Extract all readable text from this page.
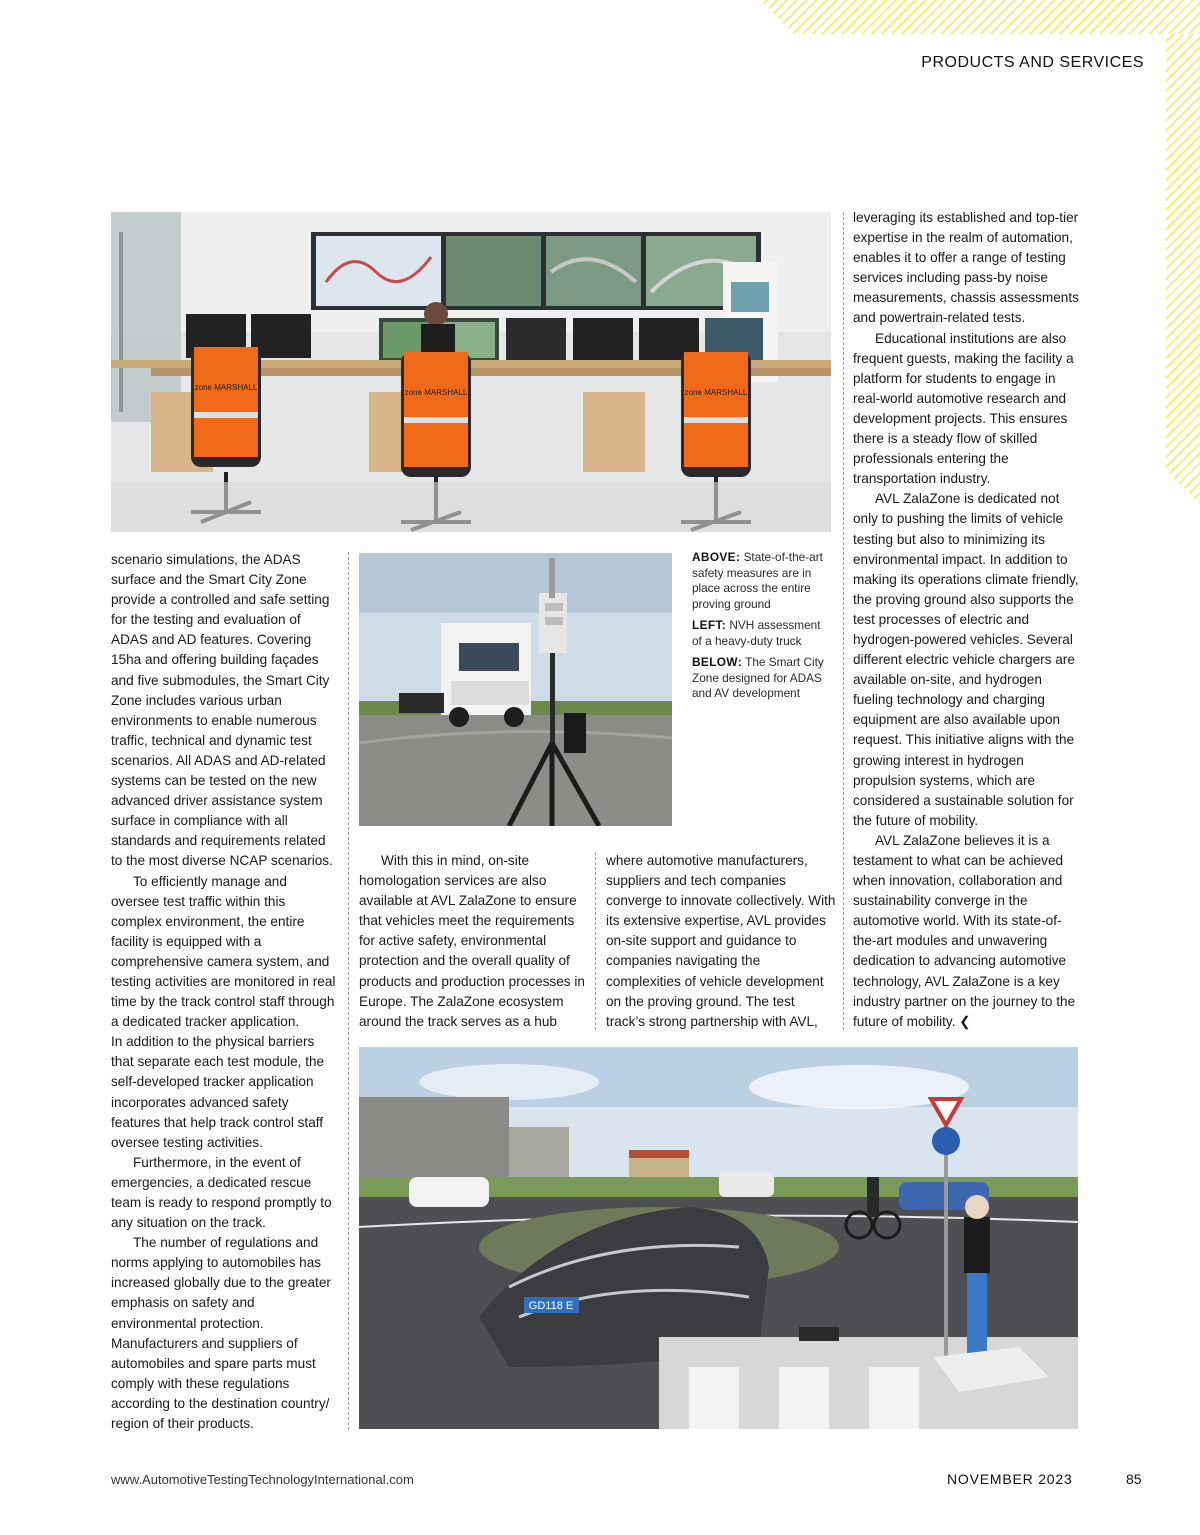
PRODUCTS AND SERVICES
zone MARSHALL
zone MARSHALL	zone MARSHALL
GD118 E

scenario simulations, the ADAS surface and the Smart City Zone provide a controlled and safe setting for the testing and evaluation of ADAS and AD features. Covering 15ha and offering building façades and five submodules, the Smart City Zone includes various urban environments to enable numerous traffic, technical and dynamic test scenarios. All ADAS and AD-related systems can be tested on the new advanced driver assistance system surface in compliance with all standards and requirements related to the most diverse NCAP scenarios.

To efficiently manage and oversee test traffic within this complex environment, the entire facility is equipped with a comprehensive camera system, and testing activities are monitored in real time by the track control staff through a dedicated tracker application.

In addition to the physical barriers that separate each test module, the self-developed tracker application incorporates advanced safety features that help track control staff oversee testing activities.

Furthermore, in the event of emergencies, a dedicated rescue team is ready to respond promptly to any situation on the track.

The number of regulations and norms applying to automobiles has increased globally due to the greater emphasis on safety and environmental protection. Manufacturers and suppliers of automobiles and spare parts must comply with these regulations according to the destination country/ region of their products.

With this in mind, on-site homologation services are also available at AVL ZalaZone to ensure that vehicles meet the requirements for active safety, environmental protection and the overall quality of products and production processes in Europe. The ZalaZone ecosystem around the track serves as a hub

where automotive manufacturers, suppliers and tech companies converge to innovate collectively. With its extensive expertise, AVL provides on-site support and guidance to companies navigating the complexities of vehicle development on the proving ground. The test track’s strong partnership with AVL,

leveraging its established and top-tier expertise in the realm of automation, enables it to offer a range of testing services including pass-by noise measurements, chassis assessments and powertrain-related tests.

Educational institutions are also frequent guests, making the facility a platform for students to engage in real-world automotive research and development projects. This ensures there is a steady flow of skilled professionals entering the transportation industry.

AVL ZalaZone is dedicated not only to pushing the limits of vehicle testing but also to minimizing its environmental impact. In addition to making its operations climate friendly, the proving ground also supports the test processes of electric and hydrogen-powered vehicles. Several different electric vehicle chargers are available on-site, and hydrogen fueling technology and charging equipment are also available upon request. This initiative aligns with the growing interest in hydrogen propulsion systems, which are considered a sustainable solution for the future of mobility.

AVL ZalaZone believes it is a testament to what can be achieved when innovation, collaboration and sustainability converge in the automotive world. With its state-of-the-art modules and unwavering dedication to advancing automotive technology, AVL ZalaZone is a key industry partner on the journey to the future of mobility. ❮

ABOVE: State-of-the-art safety measures are in place across the entire proving ground

LEFT: NVH assessment of a heavy-duty truck

BELOW: The Smart City Zone designed for ADAS and AV development

www.AutomotiveTestingTechnologyInternational.com	NOVEMBER 2023	85
